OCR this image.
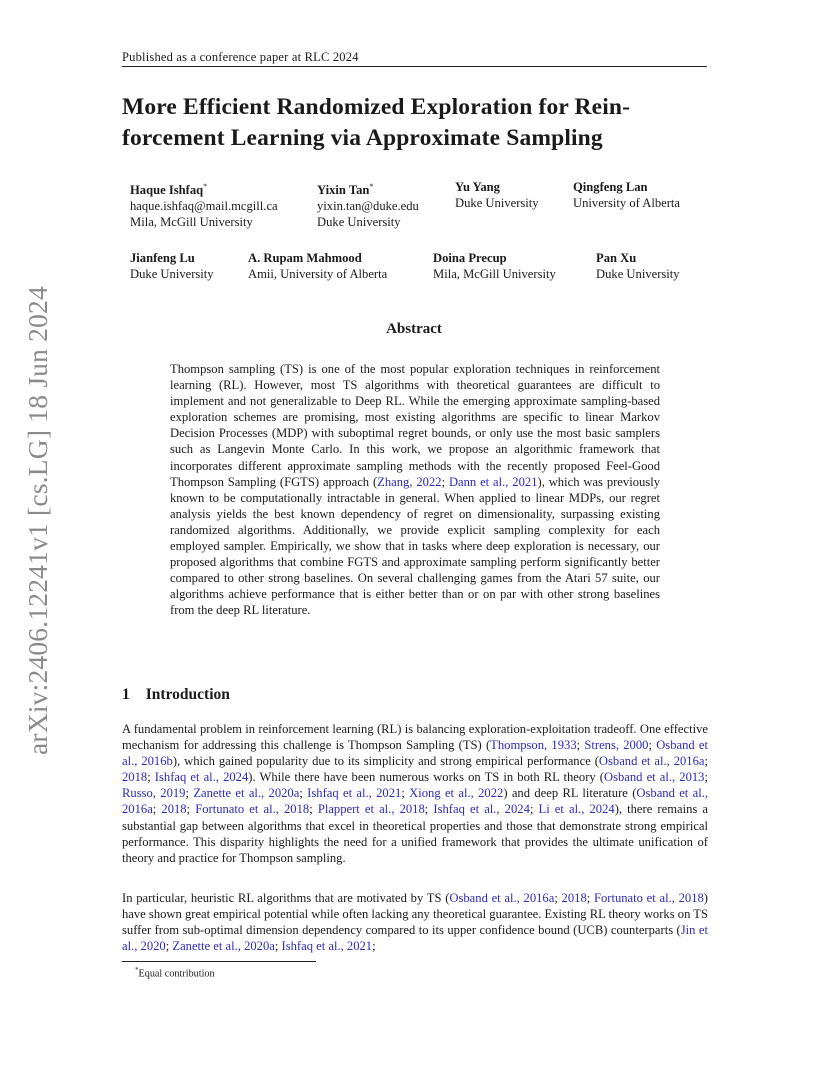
Published as a conference paper at RLC 2024
arXiv:2406.12241v1 [cs.LG] 18 Jun 2024
More Efficient Randomized Exploration for Rein-
forcement Learning via Approximate Sampling
Haque Ishfaq*
haque.ishfaq@mail.mcgill.ca
Mila, McGill University
Yixin Tan*
yixin.tan@duke.edu
Duke University
Yu Yang
Duke University
Qingfeng Lan
University of Alberta
Jianfeng Lu
Duke University
A. Rupam Mahmood
Amii, University of Alberta
Doina Precup
Mila, McGill University
Pan Xu
Duke University
Abstract
Thompson sampling (TS) is one of the most popular exploration techniques in reinforcement learning (RL). However, most TS algorithms with theoretical guarantees are difficult to implement and not generalizable to Deep RL. While the emerging approximate sampling-based exploration schemes are promising, most existing algorithms are specific to linear Markov Decision Processes (MDP) with suboptimal regret bounds, or only use the most basic samplers such as Langevin Monte Carlo. In this work, we propose an algorithmic framework that incorporates different approximate sampling methods with the recently proposed Feel-Good Thompson Sampling (FGTS) approach (Zhang, 2022; Dann et al., 2021), which was previously known to be computationally intractable in general. When applied to linear MDPs, our regret analysis yields the best known dependency of regret on dimensionality, surpassing existing randomized algorithms. Additionally, we provide explicit sampling complexity for each employed sampler. Empirically, we show that in tasks where deep exploration is necessary, our proposed algorithms that combine FGTS and approximate sampling perform significantly better compared to other strong baselines. On several challenging games from the Atari 57 suite, our algorithms achieve performance that is either better than or on par with other strong baselines from the deep RL literature.
1 Introduction
A fundamental problem in reinforcement learning (RL) is balancing exploration-exploitation tradeoff. One effective mechanism for addressing this challenge is Thompson Sampling (TS) (Thompson, 1933; Strens, 2000; Osband et al., 2016b), which gained popularity due to its simplicity and strong empirical performance (Osband et al., 2016a; 2018; Ishfaq et al., 2024). While there have been numerous works on TS in both RL theory (Osband et al., 2013; Russo, 2019; Zanette et al., 2020a; Ishfaq et al., 2021; Xiong et al., 2022) and deep RL literature (Osband et al., 2016a; 2018; Fortunato et al., 2018; Plappert et al., 2018; Ishfaq et al., 2024; Li et al., 2024), there remains a substantial gap between algorithms that excel in theoretical properties and those that demonstrate strong empirical performance. This disparity highlights the need for a unified framework that provides the ultimate unification of theory and practice for Thompson sampling.
In particular, heuristic RL algorithms that are motivated by TS (Osband et al., 2016a; 2018; Fortunato et al., 2018) have shown great empirical potential while often lacking any theoretical guarantee. Existing RL theory works on TS suffer from sub-optimal dimension dependency compared to its upper confidence bound (UCB) counterparts (Jin et al., 2020; Zanette et al., 2020a; Ishfaq et al., 2021;
*Equal contribution
